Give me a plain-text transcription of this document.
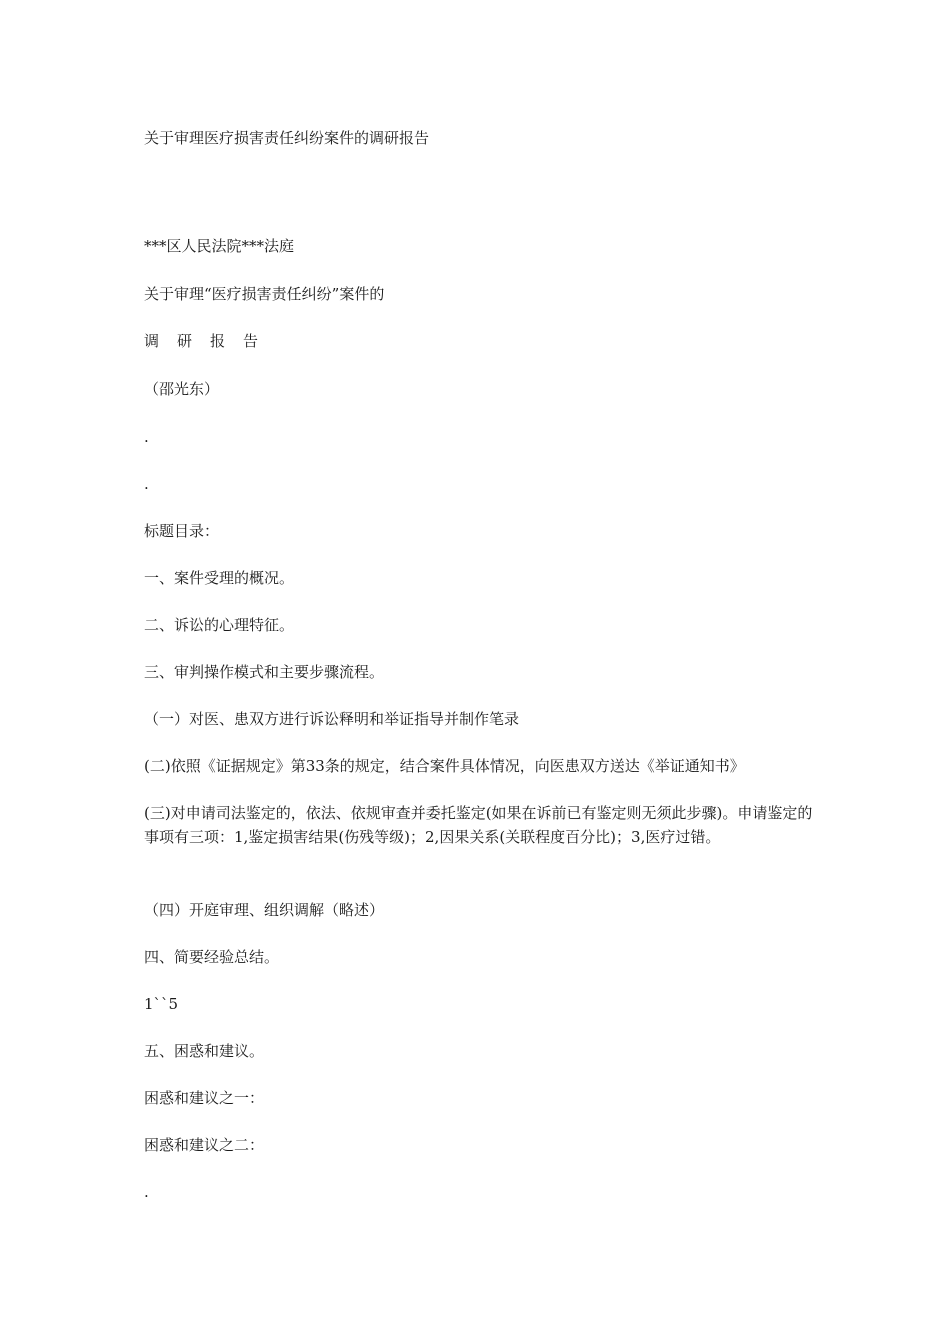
关于审理医疗损害责任纠纷案件的调研报告

***区人民法院***法庭

关于审理“医疗损害责任纠纷”案件的

调 研 报 告

（邵光东）

.

.

标题目录：

一、案件受理的概况。

二、诉讼的心理特征。

三、审判操作模式和主要步骤流程。

（一）对医、患双方进行诉讼释明和举证指导并制作笔录

(二)依照《证据规定》第33条的规定，结合案件具体情况，向医患双方送达《举证通知书》

(三)对申请司法鉴定的，依法、依规审查并委托鉴定(如果在诉前已有鉴定则无须此步骤)。申请鉴定的事项有三项：1,鉴定损害结果(伤残等级)；2,因果关系(关联程度百分比)；3,医疗过错。

（四）开庭审理、组织调解（略述）

四、简要经验总结。

1``5

五、困惑和建议。

困惑和建议之一：

困惑和建议之二：

.
